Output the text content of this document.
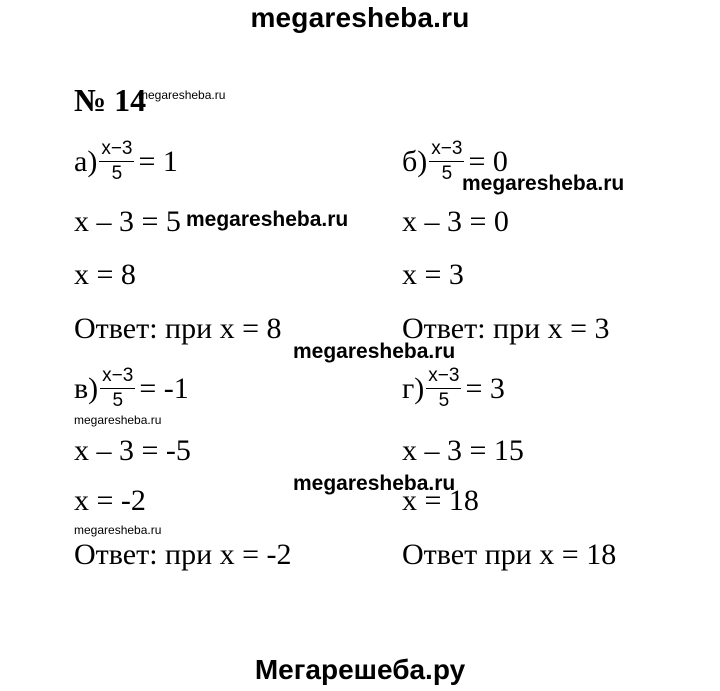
megaresheba.ru
№ 14
megaresheba.ru
$а) \frac{x-3}{5} = 1$
x – 3 = 5
x = 8
Ответ: при x = 8
$б) \frac{x-3}{5} = 0$
x – 3 = 0
x = 3
Ответ: при x = 3
$в) \frac{x-3}{5} = -1$
x – 3 = -5
x = -2
Ответ: при x = -2
$г) \frac{x-3}{5} = 3$
x – 3 = 15
x = 18
Ответ при x = 18
megaresheba.ru
megaresheba.ru
megaresheba.ru
megaresheba.ru
megaresheba.ru
megaresheba.ru
Мегарешеба.ру
